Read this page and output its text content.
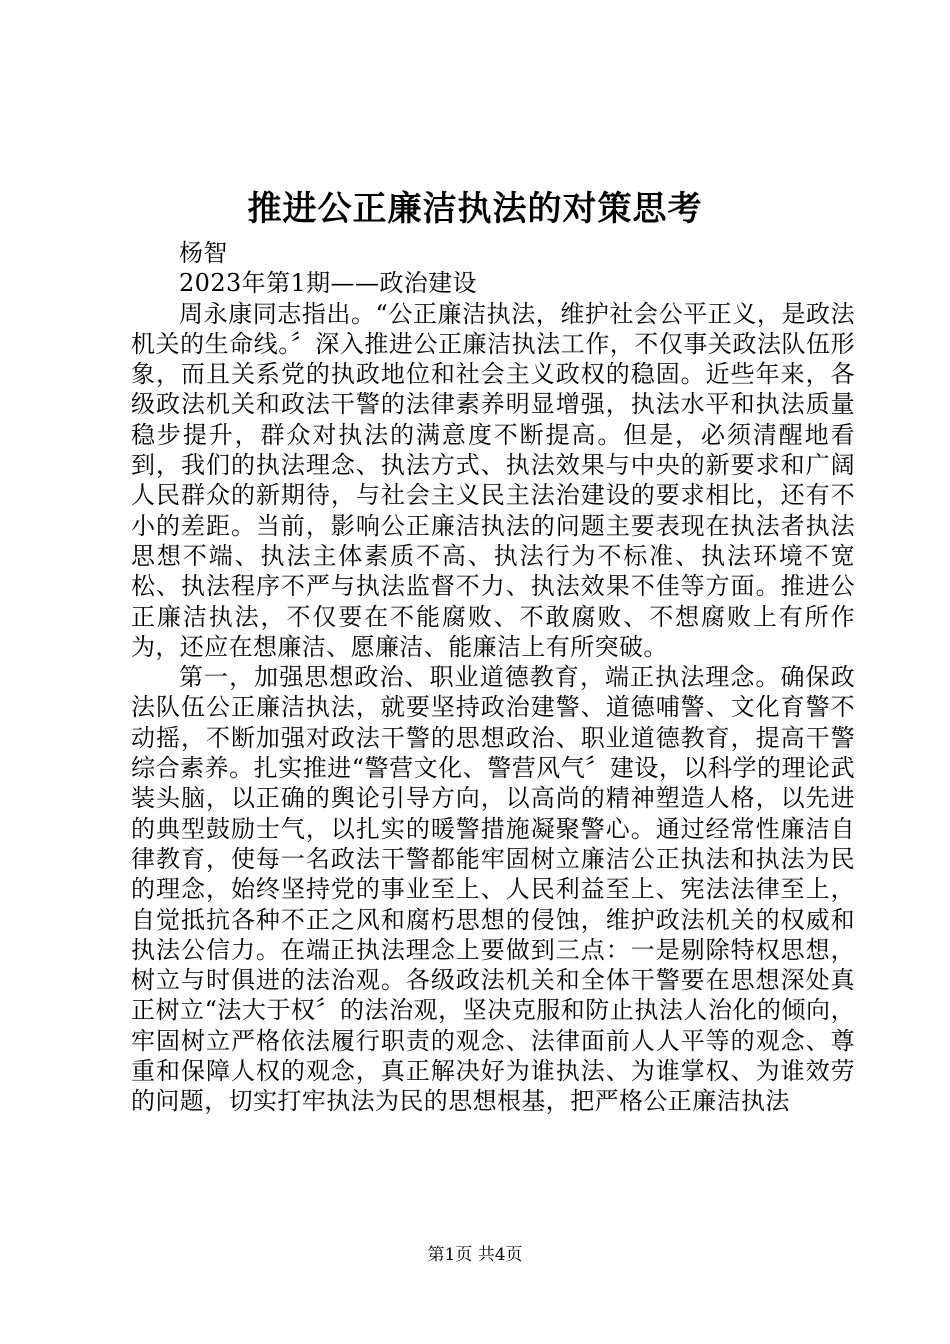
推进公正廉洁执法的对策思考

杨智

2023年第1期——政治建设

周永康同志指出。“公正廉洁执法，维护社会公平正义，是政法机关的生命线。〞深入推进公正廉洁执法工作，不仅事关政法队伍形象，而且关系党的执政地位和社会主义政权的稳固。近些年来，各级政法机关和政法干警的法律素养明显增强，执法水平和执法质量稳步提升，群众对执法的满意度不断提高。但是，必须清醒地看到，我们的执法理念、执法方式、执法效果与中央的新要求和广阔人民群众的新期待，与社会主义民主法治建设的要求相比，还有不小的差距。当前，影响公正廉洁执法的问题主要表现在执法者执法思想不端、执法主体素质不高、执法行为不标准、执法环境不宽松、执法程序不严与执法监督不力、执法效果不佳等方面。推进公正廉洁执法，不仅要在不能腐败、不敢腐败、不想腐败上有所作为，还应在想廉洁、愿廉洁、能廉洁上有所突破。

第一，加强思想政治、职业道德教育，端正执法理念。确保政法队伍公正廉洁执法，就要坚持政治建警、道德哺警、文化育警不动摇，不断加强对政法干警的思想政治、职业道德教育，提高干警综合素养。扎实推进“警营文化、警营风气〞建设，以科学的理论武装头脑，以正确的舆论引导方向，以高尚的精神塑造人格，以先进的典型鼓励士气，以扎实的暖警措施凝聚警心。通过经常性廉洁自律教育，使每一名政法干警都能牢固树立廉洁公正执法和执法为民的理念，始终坚持党的事业至上、人民利益至上、宪法法律至上，自觉抵抗各种不正之风和腐朽思想的侵蚀，维护政法机关的权威和执法公信力。在端正执法理念上要做到三点：一是剔除特权思想，树立与时俱进的法治观。各级政法机关和全体干警要在思想深处真正树立“法大于权〞的法治观，坚决克服和防止执法人治化的倾向，牢固树立严格依法履行职责的观念、法律面前人人平等的观念、尊重和保障人权的观念，真正解决好为谁执法、为谁掌权、为谁效劳的问题，切实打牢执法为民的思想根基，把严格公正廉洁执法

第1页 共4页
